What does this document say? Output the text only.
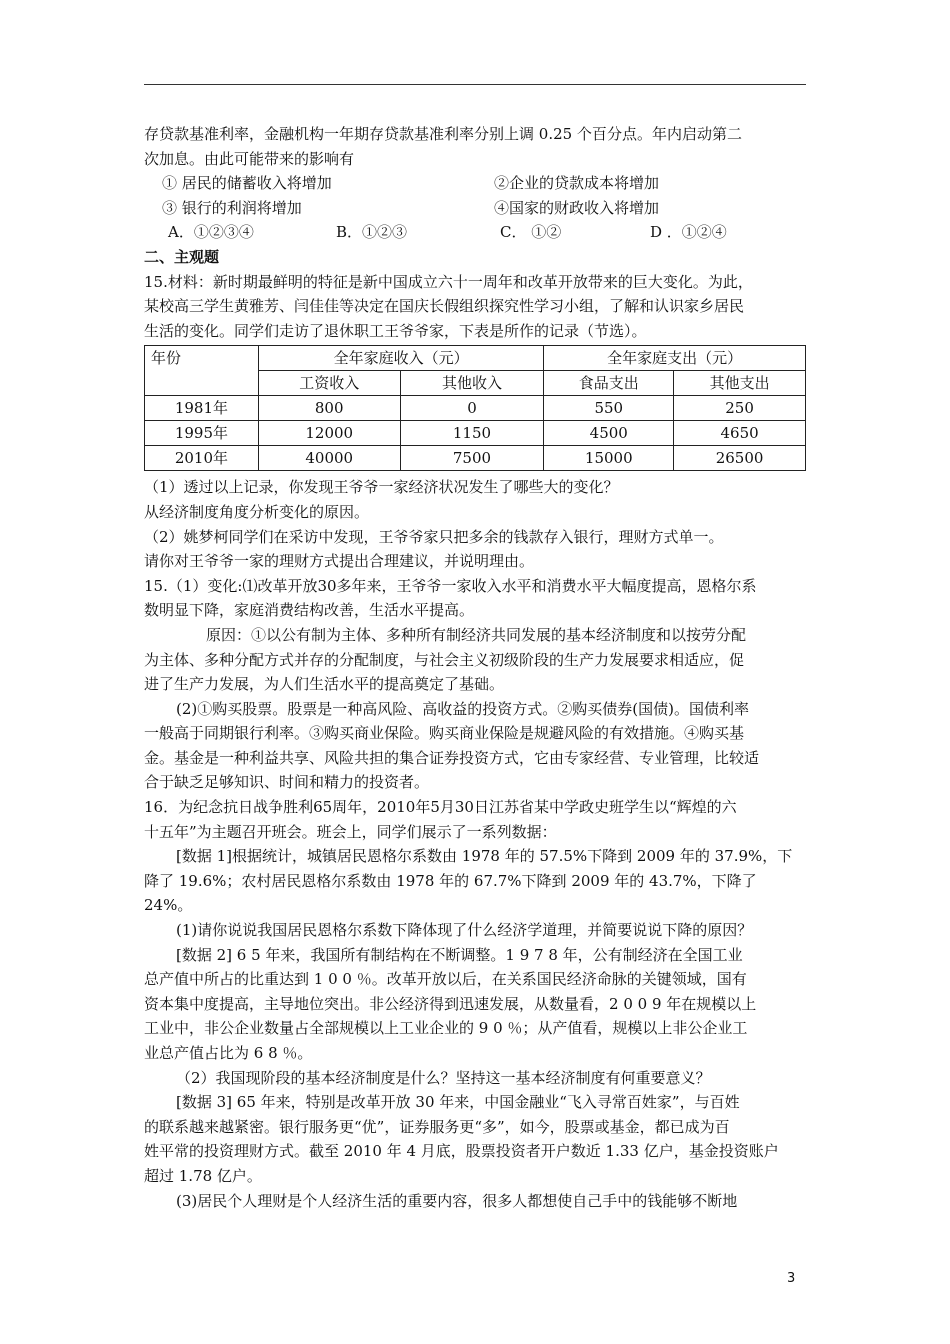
存贷款基准利率，金融机构一年期存贷款基准利率分别上调 0.25 个百分点。年内启动第二

次加息。由此可能带来的影响有

① 居民的储蓄收入将增加	②企业的贷款成本将增加
③ 银行的利润将增加	④国家的财政收入将增加
A．①②③④	B．①②③	C． ①②	D ．①②④

二、主观题

15.材料：新时期最鲜明的特征是新中国成立六十一周年和改革开放带来的巨大变化。为此，

某校高三学生黄雅芳、闫佳佳等决定在国庆长假组织探究性学习小组，了解和认识家乡居民

生活的变化。同学们走访了退休职工王爷爷家，下表是所作的记录（节选）。

年份	全年家庭收入（元）		全年家庭支出（元）	
	工资收入	其他收入	食品支出	其他支出
1981年	800	0	550	250
1995年	12000	1150	4500	4650
2010年	40000	7500	15000	26500

（1）透过以上记录，你发现王爷爷一家经济状况发生了哪些大的变化？

从经济制度角度分析变化的原因。

（2）姚梦柯同学们在采访中发现，王爷爷家只把多余的钱款存入银行，理财方式单一。

请你对王爷爷一家的理财方式提出合理建议，并说明理由。

15.（1）变化:⑴改革开放30多年来，王爷爷一家收入水平和消费水平大幅度提高，恩格尔系

数明显下降，家庭消费结构改善，生活水平提高。

原因：①以公有制为主体、多种所有制经济共同发展的基本经济制度和以按劳分配

为主体、多种分配方式并存的分配制度，与社会主义初级阶段的生产力发展要求相适应，促

进了生产力发展，为人们生活水平的提高奠定了基础。

(2)①购买股票。股票是一种高风险、高收益的投资方式。②购买债券(国债)。国债利率

一般高于同期银行利率。③购买商业保险。购买商业保险是规避风险的有效措施。④购买基

金。基金是一种利益共享、风险共担的集合证券投资方式，它由专家经营、专业管理，比较适

合于缺乏足够知识、时间和精力的投资者。

16．为纪念抗日战争胜利65周年，2010年5月30日江苏省某中学政史班学生以“辉煌的六

十五年”为主题召开班会。班会上，同学们展示了一系列数据：

[数据 1]根据统计，城镇居民恩格尔系数由 1978 年的 57.5%下降到 2009 年的 37.9%，下

降了 19.6%；农村居民恩格尔系数由 1978 年的 67.7%下降到 2009 年的 43.7%，下降了 24%。

(1)请你说说我国居民恩格尔系数下降体现了什么经济学道理，并简要说说下降的原因？

[数据 2] 6 5 年来，我国所有制结构在不断调整。1 9 7 8 年，公有制经济在全国工业

总产值中所占的比重达到 1 0 0 ％。改革开放以后，在关系国民经济命脉的关键领域，国有

资本集中度提高，主导地位突出。非公经济得到迅速发展，从数量看，2 0 0 9 年在规模以上

工业中，非公企业数量占全部规模以上工业企业的 9 0 ％；从产值看，规模以上非公企业工

业总产值占比为 6 8 ％。

（2）我国现阶段的基本经济制度是什么？坚持这一基本经济制度有何重要意义？

[数据 3] 65 年来，特别是改革开放 30 年来，中国金融业“飞入寻常百姓家”，与百姓

的联系越来越紧密。银行服务更“优”，证券服务更“多”，如今，股票或基金，都已成为百

姓平常的投资理财方式。截至 2010 年 4 月底，股票投资者开户数近 1.33 亿户，基金投资账户

超过 1.78 亿户。

(3)居民个人理财是个人经济生活的重要内容，很多人都想使自己手中的钱能够不断地

3
